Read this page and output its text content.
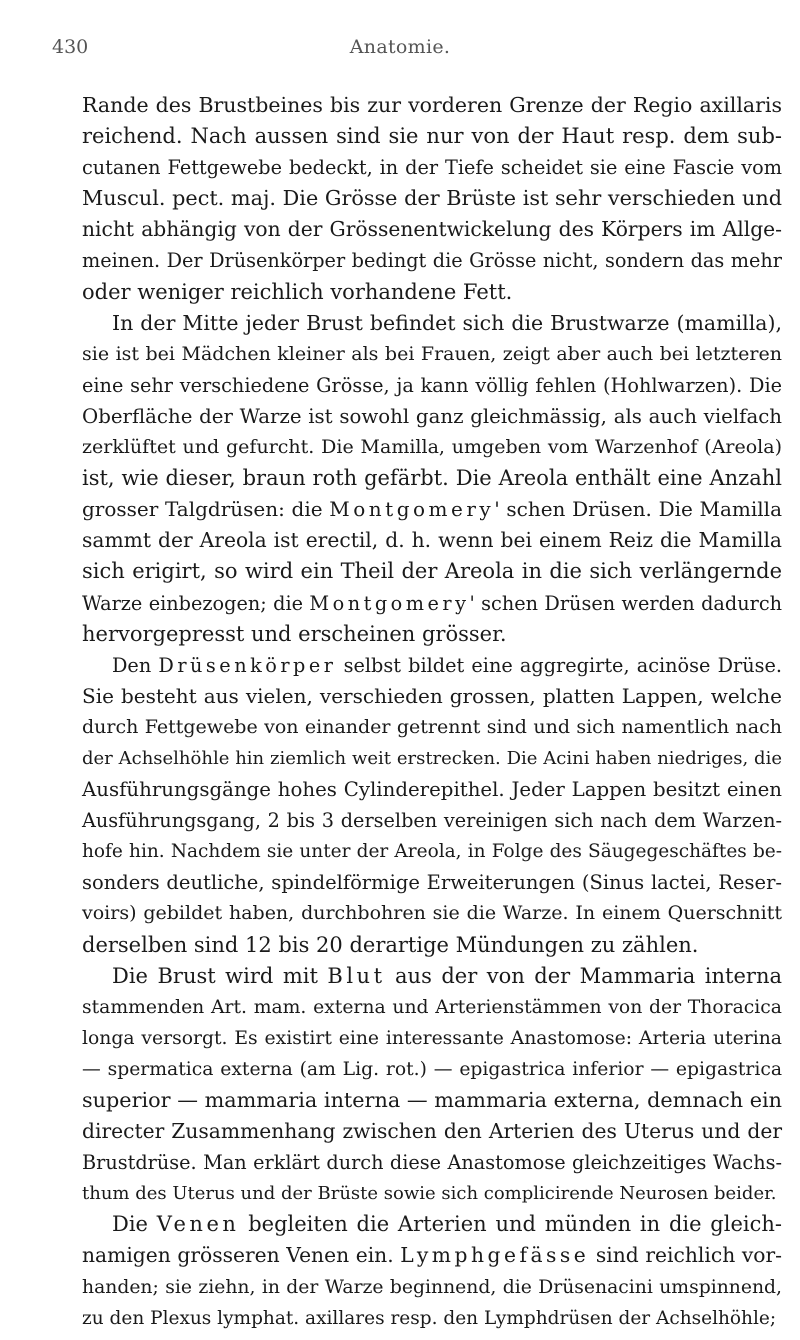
430	Anatomie.
Rande des Brustbeines bis zur vorderen Grenze der Regio axillaris
reichend. Nach aussen sind sie nur von der Haut resp. dem sub-
cutanen Fettgewebe bedeckt, in der Tiefe scheidet sie eine Fascie vom
Muscul. pect. maj. Die Grösse der Brüste ist sehr verschieden und
nicht abhängig von der Grössenentwickelung des Körpers im Allge-
meinen. Der Drüsenkörper bedingt die Grösse nicht, sondern das mehr
oder weniger reichlich vorhandene Fett.
In der Mitte jeder Brust befindet sich die Brustwarze (mamilla),
sie ist bei Mädchen kleiner als bei Frauen, zeigt aber auch bei letzteren
eine sehr verschiedene Grösse, ja kann völlig fehlen (Hohlwarzen). Die
Oberfläche der Warze ist sowohl ganz gleichmässig, als auch vielfach
zerklüftet und gefurcht. Die Mamilla, umgeben vom Warzenhof (Areola)
ist, wie dieser, braun roth gefärbt. Die Areola enthält eine Anzahl
grosser Talgdrüsen: die Montgomery' schen Drüsen. Die Mamilla
sammt der Areola ist erectil, d. h. wenn bei einem Reiz die Mamilla
sich erigirt, so wird ein Theil der Areola in die sich verlängernde
Warze einbezogen; die Montgomery' schen Drüsen werden dadurch
hervorgepresst und erscheinen grösser.
Den Drüsenkörper selbst bildet eine aggregirte, acinöse Drüse.
Sie besteht aus vielen, verschieden grossen, platten Lappen, welche
durch Fettgewebe von einander getrennt sind und sich namentlich nach
der Achselhöhle hin ziemlich weit erstrecken. Die Acini haben niedriges, die
Ausführungsgänge hohes Cylinderepithel. Jeder Lappen besitzt einen
Ausführungsgang, 2 bis 3 derselben vereinigen sich nach dem Warzen-
hofe hin. Nachdem sie unter der Areola, in Folge des Säugegeschäftes be-
sonders deutliche, spindelförmige Erweiterungen (Sinus lactei, Reser-
voirs) gebildet haben, durchbohren sie die Warze. In einem Querschnitt
derselben sind 12 bis 20 derartige Mündungen zu zählen.
Die Brust wird mit Blut aus der von der Mammaria interna
stammenden Art. mam. externa und Arterienstämmen von der Thoracica
longa versorgt. Es existirt eine interessante Anastomose: Arteria uterina
— spermatica externa (am Lig. rot.) — epigastrica inferior — epigastrica
superior — mammaria interna — mammaria externa, demnach ein
directer Zusammenhang zwischen den Arterien des Uterus und der
Brustdrüse. Man erklärt durch diese Anastomose gleichzeitiges Wachs-
thum des Uterus und der Brüste sowie sich complicirende Neurosen beider.
Die Venen begleiten die Arterien und münden in die gleich-
namigen grösseren Venen ein. Lymphgefässe sind reichlich vor-
handen; sie ziehn, in der Warze beginnend, die Drüsenacini umspinnend,
zu den Plexus lymphat. axillares resp. den Lymphdrüsen der Achselhöhle;
